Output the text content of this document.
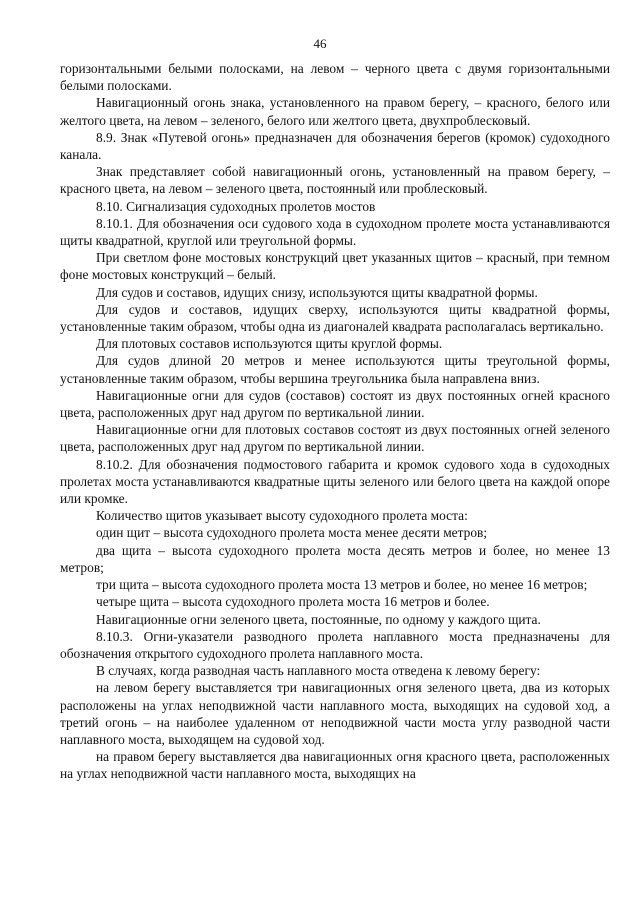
46

горизонтальными белыми полосками, на левом – черного цвета с двумя горизонтальными белыми полосками.

Навигационный огонь знака, установленного на правом берегу, – красного, белого или желтого цвета, на левом – зеленого, белого или желтого цвета, двухпроблесковый.

8.9. Знак «Путевой огонь» предназначен для обозначения берегов (кромок) судоходного канала.

Знак представляет собой навигационный огонь, установленный на правом берегу, – красного цвета, на левом – зеленого цвета, постоянный или проблесковый.

8.10. Сигнализация судоходных пролетов мостов

8.10.1. Для обозначения оси судового хода в судоходном пролете моста устанавливаются щиты квадратной, круглой или треугольной формы.

При светлом фоне мостовых конструкций цвет указанных щитов – красный, при темном фоне мостовых конструкций – белый.

Для судов и составов, идущих снизу, используются щиты квадратной формы.

Для судов и составов, идущих сверху, используются щиты квадратной формы, установленные таким образом, чтобы одна из диагоналей квадрата располагалась вертикально.

Для плотовых составов используются щиты круглой формы.

Для судов длиной 20 метров и менее используются щиты треугольной формы, установленные таким образом, чтобы вершина треугольника была направлена вниз.

Навигационные огни для судов (составов) состоят из двух постоянных огней красного цвета, расположенных друг над другом по вертикальной линии.

Навигационные огни для плотовых составов состоят из двух постоянных огней зеленого цвета, расположенных друг над другом по вертикальной линии.

8.10.2. Для обозначения подмостового габарита и кромок судового хода в судоходных пролетах моста устанавливаются квадратные щиты зеленого или белого цвета на каждой опоре или кромке.

Количество щитов указывает высоту судоходного пролета моста:

один щит – высота судоходного пролета моста менее десяти метров;

два щита – высота судоходного пролета моста десять метров и более, но менее 13 метров;

три щита – высота судоходного пролета моста 13 метров и более, но менее 16 метров;

четыре щита – высота судоходного пролета моста 16 метров и более.

Навигационные огни зеленого цвета, постоянные, по одному у каждого щита.

8.10.3. Огни-указатели разводного пролета наплавного моста предназначены для обозначения открытого судоходного пролета наплавного моста.

В случаях, когда разводная часть наплавного моста отведена к левому берегу:

на левом берегу выставляется три навигационных огня зеленого цвета, два из которых расположены на углах неподвижной части наплавного моста, выходящих на судовой ход, а третий огонь – на наиболее удаленном от неподвижной части моста углу разводной части наплавного моста, выходящем на судовой ход.

на правом берегу выставляется два навигационных огня красного цвета, расположенных на углах неподвижной части наплавного моста, выходящих на
